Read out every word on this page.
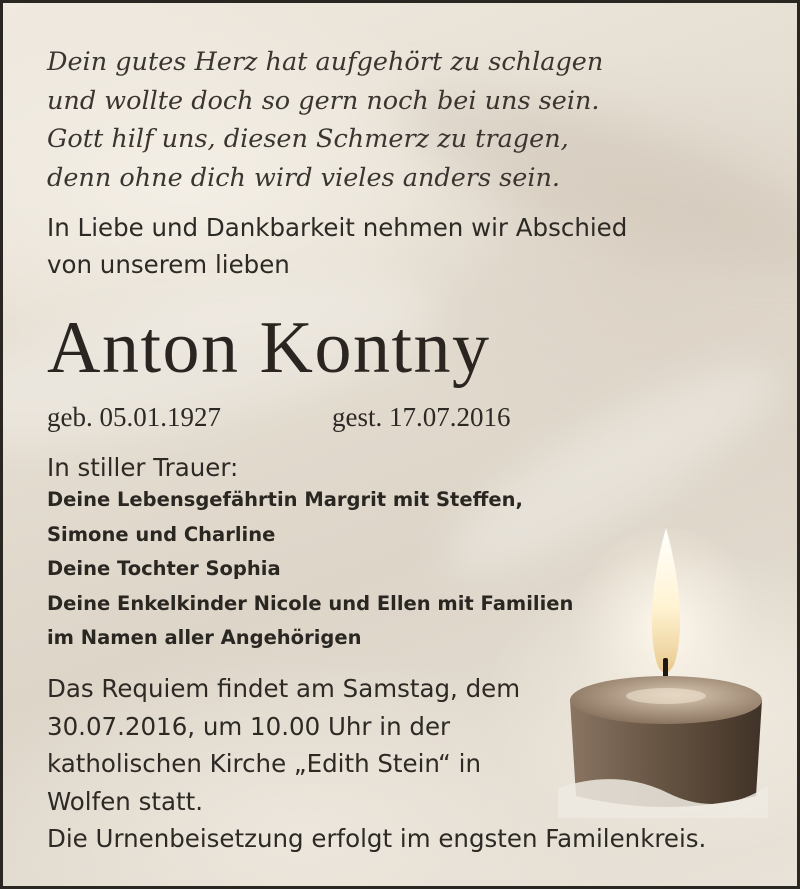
Dein gutes Herz hat aufgehört zu schlagen
und wollte doch so gern noch bei uns sein.
Gott hilf uns, diesen Schmerz zu tragen,
denn ohne dich wird vieles anders sein.
In Liebe und Dankbarkeit nehmen wir Abschied
von unserem lieben
Anton Kontny
geb. 05.01.1927	gest. 17.07.2016
In stiller Trauer:
Deine Lebensgefährtin Margrit mit Steffen,
Simone und Charline
Deine Tochter Sophia
Deine Enkelkinder Nicole und Ellen mit Familien
im Namen aller Angehörigen
Das Requiem findet am Samstag, dem
30.07.2016, um 10.00 Uhr in der
katholischen Kirche „Edith Stein“ in
Wolfen statt.
Die Urnenbeisetzung erfolgt im engsten Familenkreis.
